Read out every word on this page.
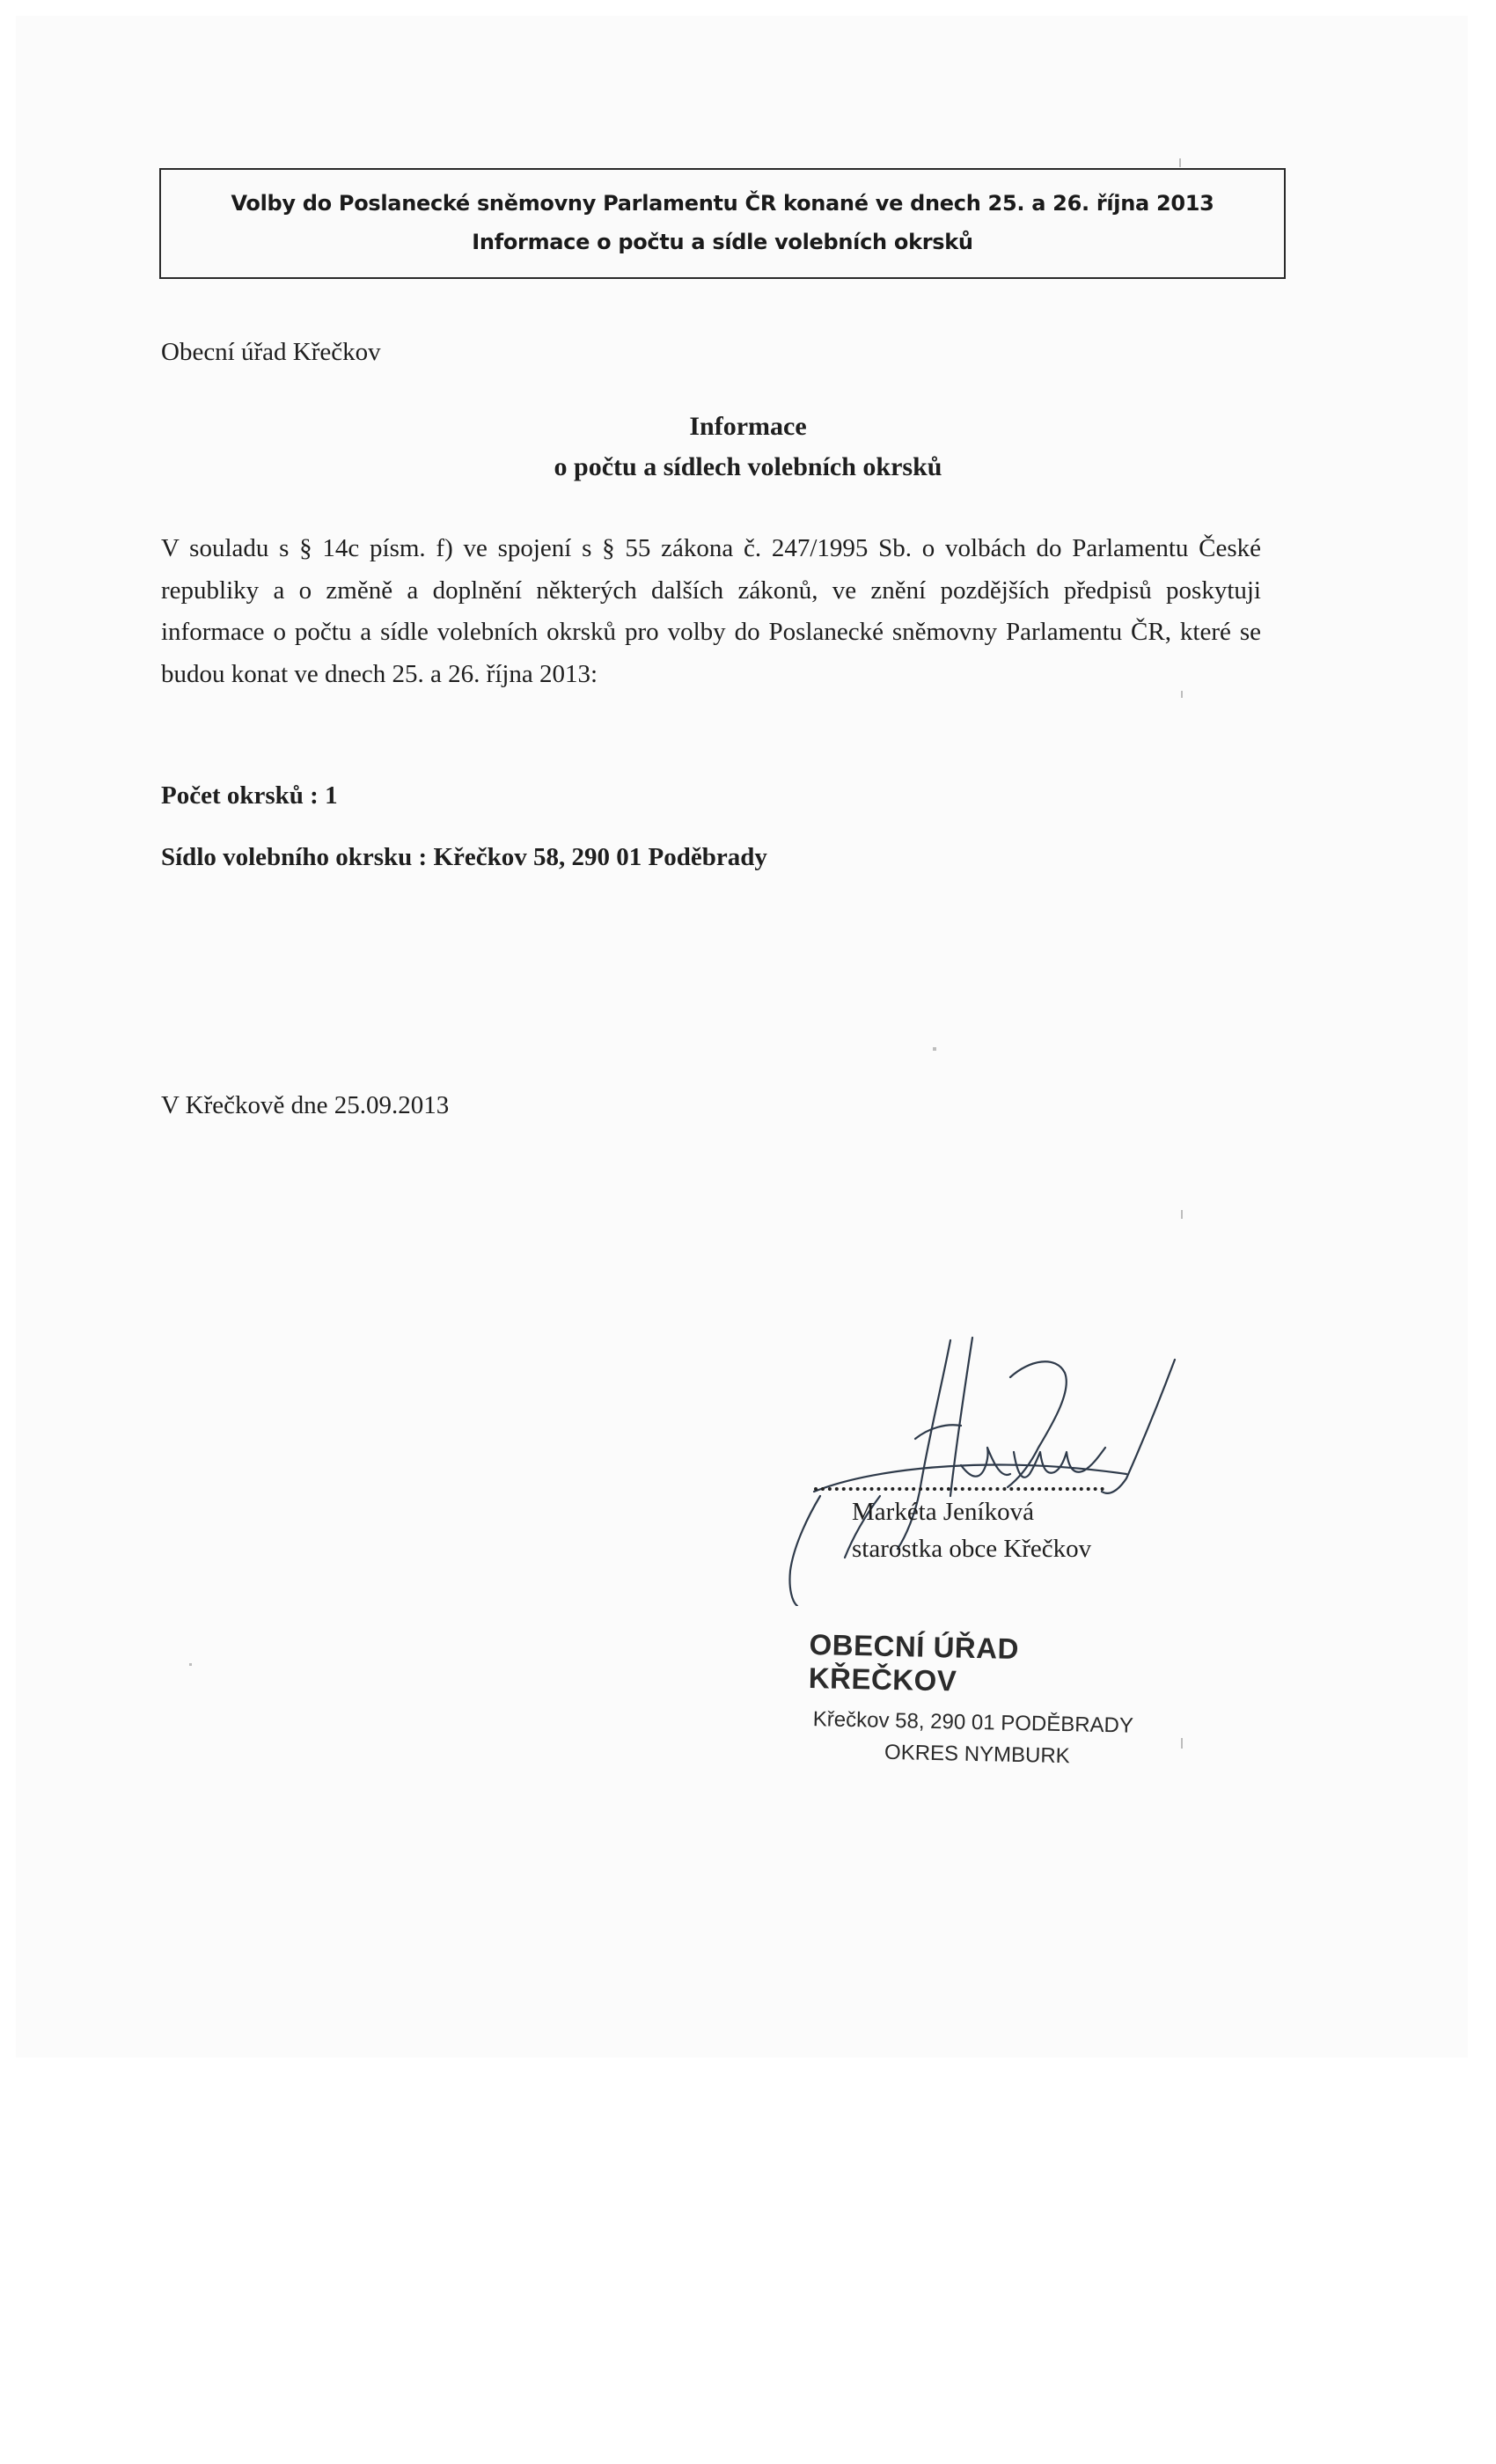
Volby do Poslanecké sněmovny Parlamentu ČR konané ve dnech 25. a 26. října 2013
Informace o počtu a sídle volebních okrsků
Obecní úřad Křečkov
Informace
o počtu a sídlech volebních okrsků
V souladu s § 14c písm. f) ve spojení s § 55 zákona č. 247/1995 Sb. o volbách do Parlamentu České republiky a o změně a doplnění některých dalších zákonů, ve znění pozdějších předpisů poskytuji informace o počtu a sídle volebních okrsků pro volby do Poslanecké sněmovny Parlamentu ČR, které se budou konat ve dnech 25. a 26. října 2013:
Počet okrsků : 1
Sídlo volebního okrsku : Křečkov 58, 290 01 Poděbrady
V Křečkově dne 25.09.2013
Markéta Jeníková
starostka obce Křečkov
OBECNÍ ÚŘAD KŘEČKOV
Křečkov 58, 290 01 PODĚBRADY
OKRES NYMBURK
